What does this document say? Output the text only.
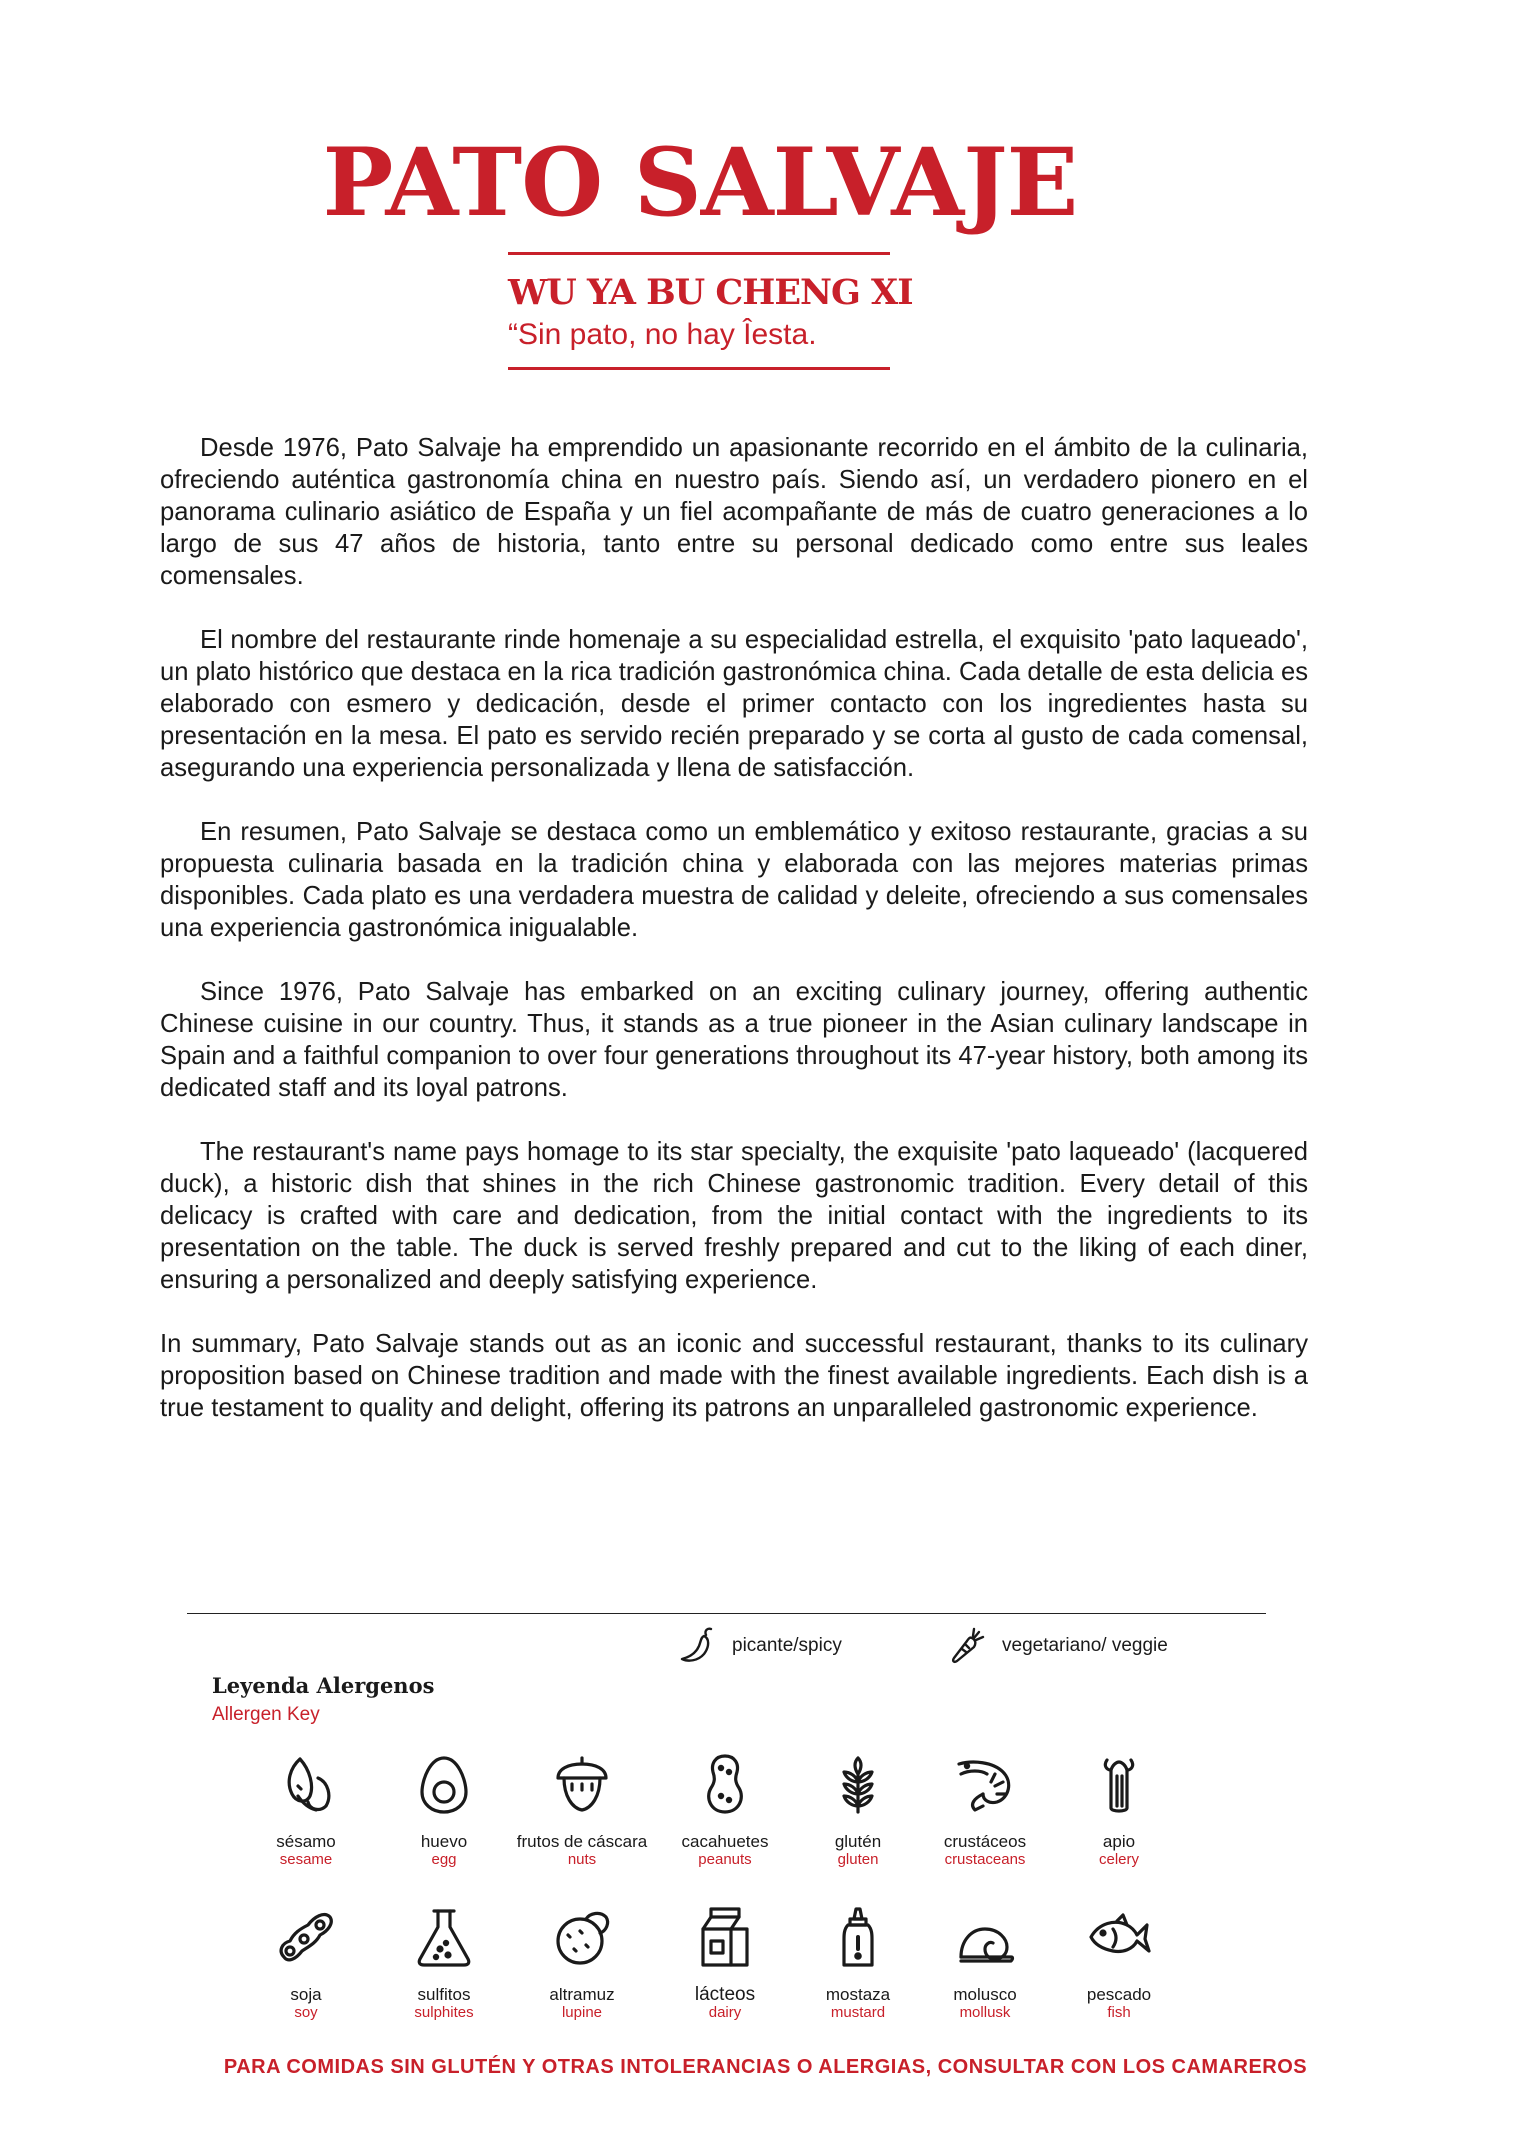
PATO SALVAJE
WU YA BU CHENG XI
“Sin pato, no hay Îesta.

Desde 1976, Pato Salvaje ha emprendido un apasionante recorrido en el ámbito de la culinaria, ofreciendo auténtica gastronomía china en nuestro país. Siendo así, un verdadero pionero en el panorama culinario asiático de España y un fiel acompañante de más de cuatro generaciones a lo largo de sus 47 años de historia, tanto entre su personal dedicado como entre sus leales comensales.

El nombre del restaurante rinde homenaje a su especialidad estrella, el exquisito 'pato laqueado', un plato histórico que destaca en la rica tradición gastronómica china. Cada detalle de esta delicia es elaborado con esmero y dedicación, desde el primer contacto con los ingredientes hasta su presentación en la mesa. El pato es servido recién preparado y se corta al gusto de cada comensal, asegurando una experiencia personalizada y llena de satisfacción.

En resumen, Pato Salvaje se destaca como un emblemático y exitoso restaurante, gracias a su propuesta culinaria basada en la tradición china y elaborada con las mejores materias primas disponibles. Cada plato es una verdadera muestra de calidad y deleite, ofreciendo a sus comensales una experiencia gastronómica inigualable.

Since 1976, Pato Salvaje has embarked on an exciting culinary journey, offering authentic Chinese cuisine in our country. Thus, it stands as a true pioneer in the Asian culinary landscape in Spain and a faithful companion to over four generations throughout its 47-year history, both among its dedicated staff and its loyal patrons.

The restaurant's name pays homage to its star specialty, the exquisite 'pato laqueado' (lacquered duck), a historic dish that shines in the rich Chinese gastronomic tradition. Every detail of this delicacy is crafted with care and dedication, from the initial contact with the ingredients to its presentation on the table. The duck is served freshly prepared and cut to the liking of each diner, ensuring a personalized and deeply satisfying experience.

In summary, Pato Salvaje stands out as an iconic and successful restaurant, thanks to its culinary proposition based on Chinese tradition and made with the finest available ingredients. Each dish is a true testament to quality and delight, offering its patrons an unparalleled gastronomic experience.

picante/spicy	vegetariano/ veggie
Leyenda Alergenos
Allergen Key
sésamo
sesame
huevo
egg
frutos de cáscara
nuts
cacahuetes
peanuts
glutén
gluten
crustáceos
crustaceans
apio
celery
soja
soy
sulfitos
sulphites
altramuz
lupine
lácteos
dairy
mostaza
mustard
molusco
mollusk
pescado
fish
PARA COMIDAS SIN GLUTÉN Y OTRAS INTOLERANCIAS O ALERGIAS, CONSULTAR CON LOS CAMAREROS
